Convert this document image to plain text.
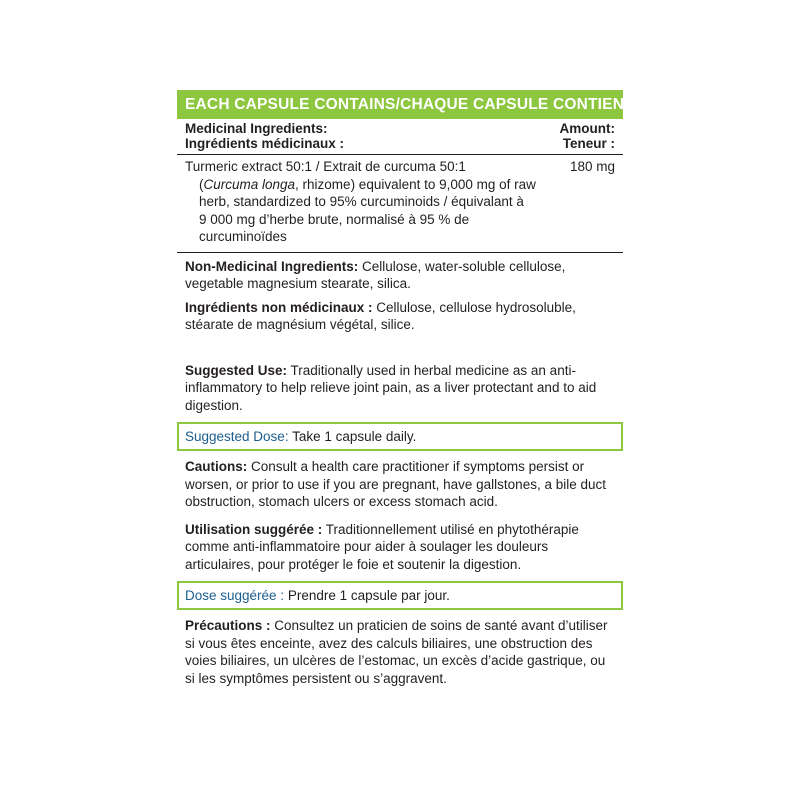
EACH CAPSULE CONTAINS/CHAQUE CAPSULE CONTIENT :
Medicinal Ingredients:
Ingrédients médicinaux :
Amount:
Teneur :
Turmeric extract 50:1 / Extrait de curcuma 50:1
(Curcuma longa, rhizome) equivalent to 9,000 mg of raw
herb, standardized to 95% curcuminoids / équivalant à
9 000 mg d’herbe brute, normalisé à 95 % de curcuminoïdes
180 mg
Non-Medicinal Ingredients: Cellulose, water-soluble cellulose, vegetable magnesium stearate, silica.
Ingrédients non médicinaux : Cellulose, cellulose hydrosoluble, stéarate de magnésium végétal, silice.
Suggested Use: Traditionally used in herbal medicine as an anti-inflammatory to help relieve joint pain, as a liver protectant and to aid digestion.
Suggested Dose: Take 1 capsule daily.
Cautions: Consult a health care practitioner if symptoms persist or worsen, or prior to use if you are pregnant, have gallstones, a bile duct obstruction, stomach ulcers or excess stomach acid.
Utilisation suggérée : Traditionnellement utilisé en phytothérapie comme anti-inflammatoire pour aider à soulager les douleurs articulaires, pour protéger le foie et soutenir la digestion.
Dose suggérée : Prendre 1 capsule par jour.
Précautions : Consultez un praticien de soins de santé avant d’utiliser si vous êtes enceinte, avez des calculs biliaires, une obstruction des voies biliaires, un ulcères de l’estomac, un excès d’acide gastrique, ou si les symptômes persistent ou s’aggravent.
